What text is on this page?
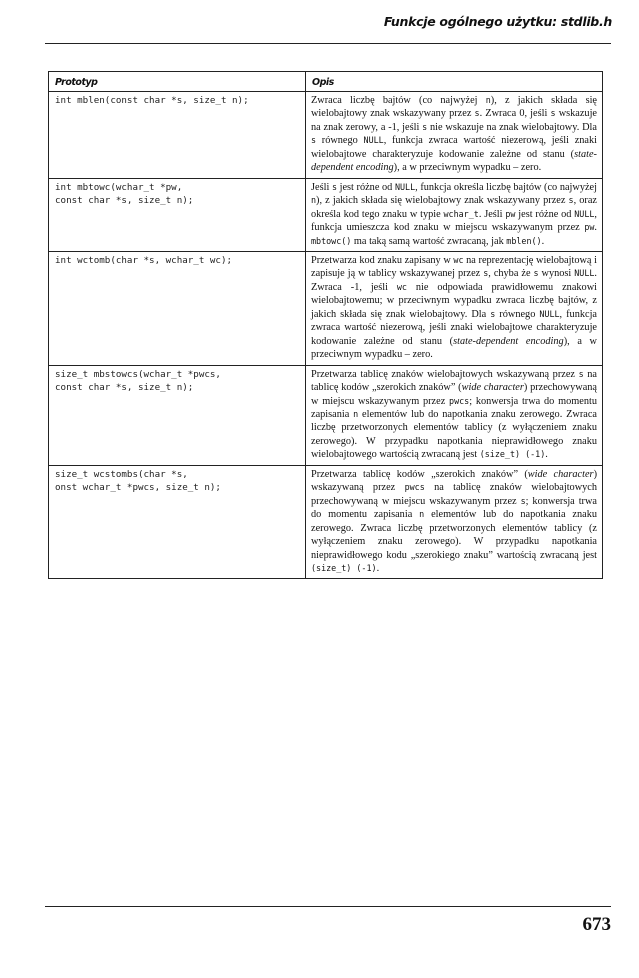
Funkcje ogólnego użytku: stdlib.h
Prototyp	Opis
int mblen(const char *s, size_t n);	Zwraca liczbę bajtów (co najwyżej n), z jakich składa się wielobajtowy znak wskazywany przez s. Zwraca 0, jeśli s wskazuje na znak zerowy, a -1, jeśli s nie wskazuje na znak wielobajtowy. Dla s równego NULL, funkcja zwraca wartość niezerową, jeśli znaki wielobajtowe charakteryzuje kodowanie zależne od stanu (state-dependent encoding), a w przeciwnym wypadku – zero.
int mbtowc(wchar_t *pw,
const char *s, size_t n);	Jeśli s jest różne od NULL, funkcja określa liczbę bajtów (co najwyżej n), z jakich składa się wielobajtowy znak wskazywany przez s, oraz określa kod tego znaku w typie wchar_t. Jeśli pw jest różne od NULL, funkcja umieszcza kod znaku w miejscu wskazywanym przez pw. mbtowc() ma taką samą wartość zwracaną, jak mblen().
int wctomb(char *s, wchar_t wc);	Przetwarza kod znaku zapisany w wc na reprezentację wielobajtową i zapisuje ją w tablicy wskazywanej przez s, chyba że s wynosi NULL. Zwraca -1, jeśli wc nie odpowiada prawidłowemu znakowi wielobajtowemu; w przeciwnym wypadku zwraca liczbę bajtów, z jakich składa się znak wielobajtowy. Dla s równego NULL, funkcja zwraca wartość niezerową, jeśli znaki wielobajtowe charakteryzuje kodowanie zależne od stanu (state-dependent encoding), a w przeciwnym wypadku – zero.
size_t mbstowcs(wchar_t *pwcs,
const char *s, size_t n);	Przetwarza tablicę znaków wielobajtowych wskazywaną przez s na tablicę kodów „szerokich znaków” (wide character) przechowywaną w miejscu wskazywanym przez pwcs; konwersja trwa do momentu zapisania n elementów lub do napotkania znaku zerowego. Zwraca liczbę przetworzonych elementów tablicy (z wyłączeniem znaku zerowego). W przypadku napotkania nieprawidłowego znaku wielobajtowego wartością zwracaną jest (size_t) (-1).
size_t wcstombs(char *s,
onst wchar_t *pwcs, size_t n);	Przetwarza tablicę kodów „szerokich znaków” (wide character) wskazywaną przez pwcs na tablicę znaków wielobajtowych przechowywaną w miejscu wskazywanym przez s; konwersja trwa do momentu zapisania n elementów lub do napotkania znaku zerowego. Zwraca liczbę przetworzonych elementów tablicy (z wyłączeniem znaku zerowego). W przypadku napotkania nieprawidłowego kodu „szerokiego znaku” wartością zwracaną jest (size_t) (-1).
673
